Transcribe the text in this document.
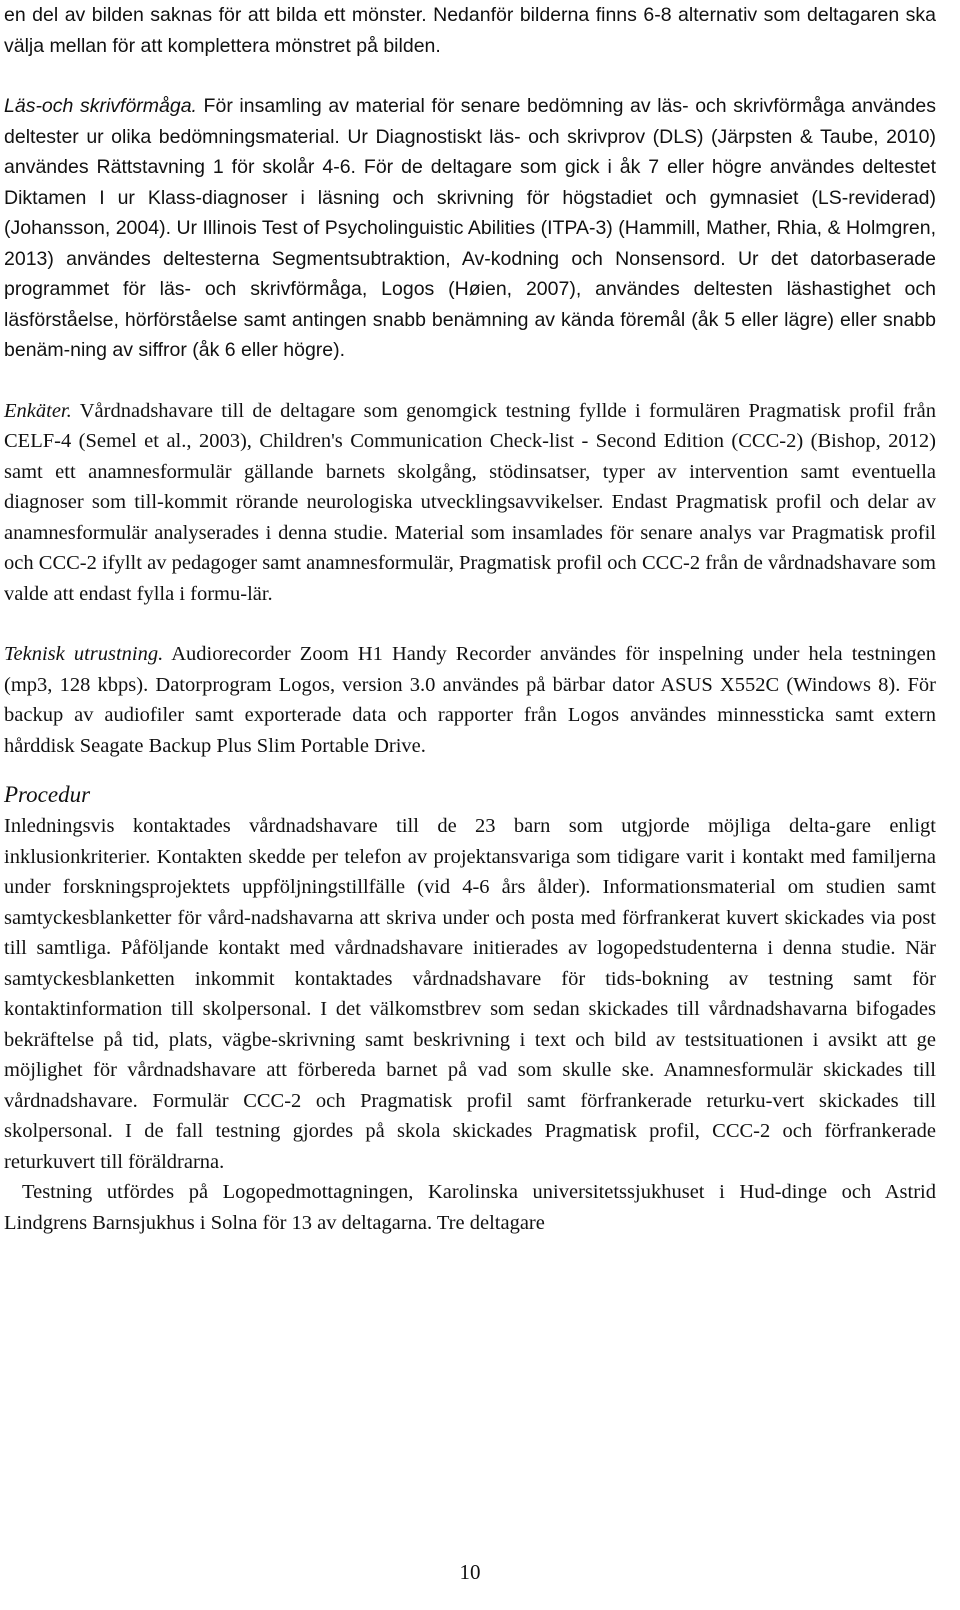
en del av bilden saknas för att bilda ett mönster. Nedanför bilderna finns 6-8 alternativ som deltagaren ska välja mellan för att komplettera mönstret på bilden.

Läs-och skrivförmåga. För insamling av material för senare bedömning av läs- och skrivförmåga användes deltester ur olika bedömningsmaterial. Ur Diagnostiskt läs- och skrivprov (DLS) (Järpsten & Taube, 2010) användes Rättstavning 1 för skolår 4-6. För de deltagare som gick i åk 7 eller högre användes deltestet Diktamen I ur Klass-diagnoser i läsning och skrivning för högstadiet och gymnasiet (LS-reviderad) (Johansson, 2004). Ur Illinois Test of Psycholinguistic Abilities (ITPA-3) (Hammill, Mather, Rhia, & Holmgren, 2013) användes deltesterna Segmentsubtraktion, Av-kodning och Nonsensord. Ur det datorbaserade programmet för läs- och skrivförmåga, Logos (Høien, 2007), användes deltesten läshastighet och läsförståelse, hörförståelse samt antingen snabb benämning av kända föremål (åk 5 eller lägre) eller snabb benäm-ning av siffror (åk 6 eller högre).

Enkäter. Vårdnadshavare till de deltagare som genomgick testning fyllde i formulären Pragmatisk profil från CELF-4 (Semel et al., 2003), Children's Communication Check-list - Second Edition (CCC-2) (Bishop, 2012) samt ett anamnesformulär gällande barnets skolgång, stödinsatser, typer av intervention samt eventuella diagnoser som till-kommit rörande neurologiska utvecklingsavvikelser. Endast Pragmatisk profil och delar av anamnesformulär analyserades i denna studie. Material som insamlades för senare analys var Pragmatisk profil och CCC-2 ifyllt av pedagoger samt anamnesformulär, Pragmatisk profil och CCC-2 från de vårdnadshavare som valde att endast fylla i formu-lär.

Teknisk utrustning. Audiorecorder Zoom H1 Handy Recorder användes för inspelning under hela testningen (mp3, 128 kbps). Datorprogram Logos, version 3.0 användes på bärbar dator ASUS X552C (Windows 8). För backup av audiofiler samt exporterade data och rapporter från Logos användes minnessticka samt extern hårddisk Seagate Backup Plus Slim Portable Drive.

Procedur

Inledningsvis kontaktades vårdnadshavare till de 23 barn som utgjorde möjliga delta-gare enligt inklusionkriterier. Kontakten skedde per telefon av projektansvariga som tidigare varit i kontakt med familjerna under forskningsprojektets uppföljningstillfälle (vid 4-6 års ålder). Informationsmaterial om studien samt samtyckesblanketter för vård-nadshavarna att skriva under och posta med förfrankerat kuvert skickades via post till samtliga. Påföljande kontakt med vårdnadshavare initierades av logopedstudenterna i denna studie. När samtyckesblanketten inkommit kontaktades vårdnadshavare för tids-bokning av testning samt för kontaktinformation till skolpersonal. I det välkomstbrev som sedan skickades till vårdnadshavarna bifogades bekräftelse på tid, plats, vägbe-skrivning samt beskrivning i text och bild av testsituationen i avsikt att ge möjlighet för vårdnadshavare att förbereda barnet på vad som skulle ske. Anamnesformulär skickades till vårdnadshavare. Formulär CCC-2 och Pragmatisk profil samt förfrankerade returku-vert skickades till skolpersonal. I de fall testning gjordes på skola skickades Pragmatisk profil, CCC-2 och förfrankerade returkuvert till föräldrarna.

Testning utfördes på Logopedmottagningen, Karolinska universitetssjukhuset i Hud-dinge och Astrid Lindgrens Barnsjukhus i Solna för 13 av deltagarna. Tre deltagare

10
